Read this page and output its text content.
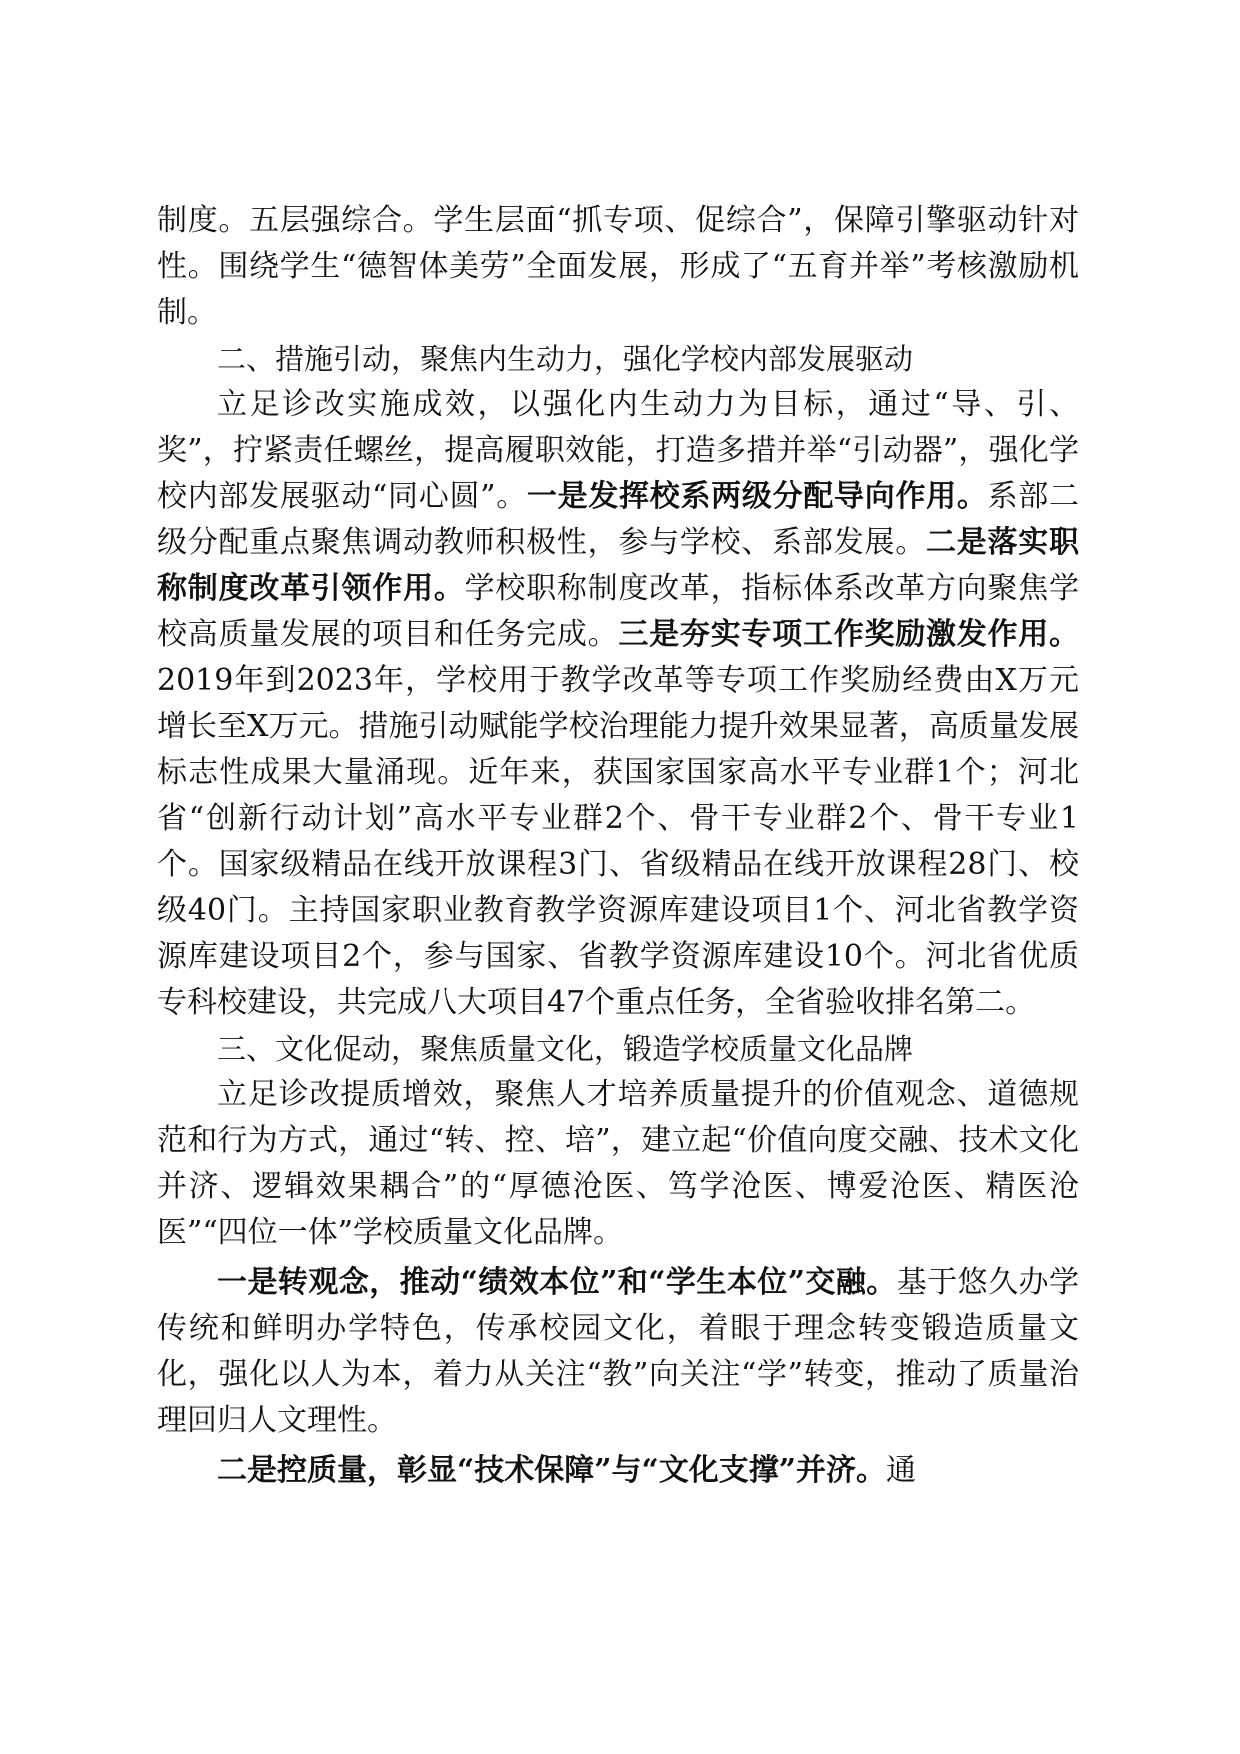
制度。五层强综合。学生层面“抓专项、促综合”，保障引擎驱动针对性。围绕学生“德智体美劳”全面发展，形成了“五育并举”考核激励机制。

二、措施引动，聚焦内生动力，强化学校内部发展驱动

立足诊改实施成效，以强化内生动力为目标，通过“导、引、奖”，拧紧责任螺丝，提高履职效能，打造多措并举“引动器”，强化学校内部发展驱动“同心圆”。一是发挥校系两级分配导向作用。系部二级分配重点聚焦调动教师积极性，参与学校、系部发展。二是落实职称制度改革引领作用。学校职称制度改革，指标体系改革方向聚焦学校高质量发展的项目和任务完成。三是夯实专项工作奖励激发作用。2019年到2023年，学校用于教学改革等专项工作奖励经费由X万元增长至X万元。措施引动赋能学校治理能力提升效果显著，高质量发展标志性成果大量涌现。近年来，获国家国家高水平专业群1个；河北省“创新行动计划”高水平专业群2个、骨干专业群2个、骨干专业1个。国家级精品在线开放课程3门、省级精品在线开放课程28门、校级40门。主持国家职业教育教学资源库建设项目1个、河北省教学资源库建设项目2个，参与国家、省教学资源库建设10个。河北省优质专科校建设，共完成八大项目47个重点任务，全省验收排名第二。

三、文化促动，聚焦质量文化，锻造学校质量文化品牌

立足诊改提质增效，聚焦人才培养质量提升的价值观念、道德规范和行为方式，通过“转、控、培”，建立起“价值向度交融、技术文化并济、逻辑效果耦合”的“厚德沧医、笃学沧医、博爱沧医、精医沧医”“四位一体”学校质量文化品牌。

一是转观念，推动“绩效本位”和“学生本位”交融。基于悠久办学传统和鲜明办学特色，传承校园文化，着眼于理念转变锻造质量文化，强化以人为本，着力从关注“教”向关注“学”转变，推动了质量治理回归人文理性。

二是控质量，彰显“技术保障”与“文化支撑”并济。通
